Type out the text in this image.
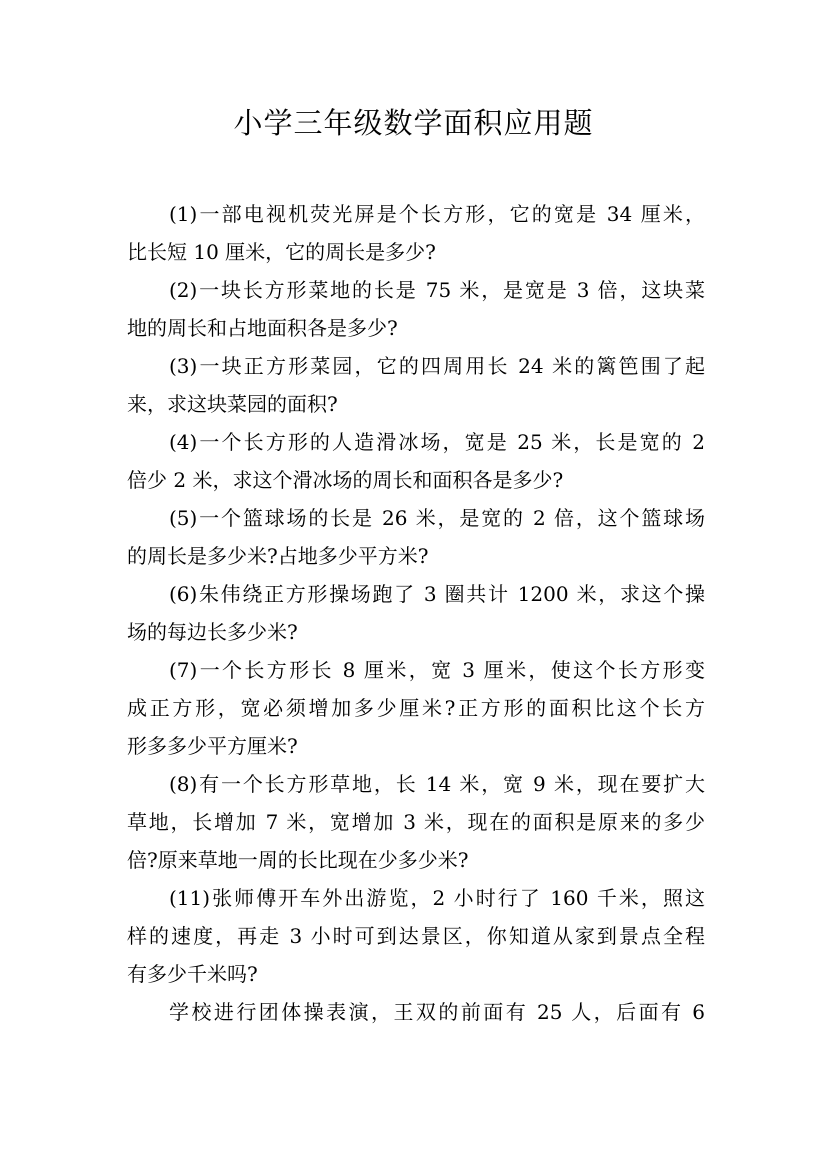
小学三年级数学面积应用题
(1)一部电视机荧光屏是个长方形，它的宽是 34 厘米，
比长短 10 厘米，它的周长是多少?
(2)一块长方形菜地的长是 75 米，是宽是 3 倍，这块菜
地的周长和占地面积各是多少?
(3)一块正方形菜园，它的四周用长 24 米的篱笆围了起
来，求这块菜园的面积?
(4)一个长方形的人造滑冰场，宽是 25 米，长是宽的 2
倍少 2 米，求这个滑冰场的周长和面积各是多少?
(5)一个篮球场的长是 26 米，是宽的 2 倍，这个篮球场
的周长是多少米?占地多少平方米?
(6)朱伟绕正方形操场跑了 3 圈共计 1200 米，求这个操
场的每边长多少米?
(7)一个长方形长 8 厘米，宽 3 厘米，使这个长方形变
成正方形，宽必须增加多少厘米?正方形的面积比这个长方
形多多少平方厘米?
(8)有一个长方形草地，长 14 米，宽 9 米，现在要扩大
草地，长增加 7 米，宽增加 3 米，现在的面积是原来的多少
倍?原来草地一周的长比现在少多少米?
(11)张师傅开车外出游览，2 小时行了 160 千米，照这
样的速度，再走 3 小时可到达景区，你知道从家到景点全程
有多少千米吗?
学校进行团体操表演，王双的前面有 25 人，后面有 6
